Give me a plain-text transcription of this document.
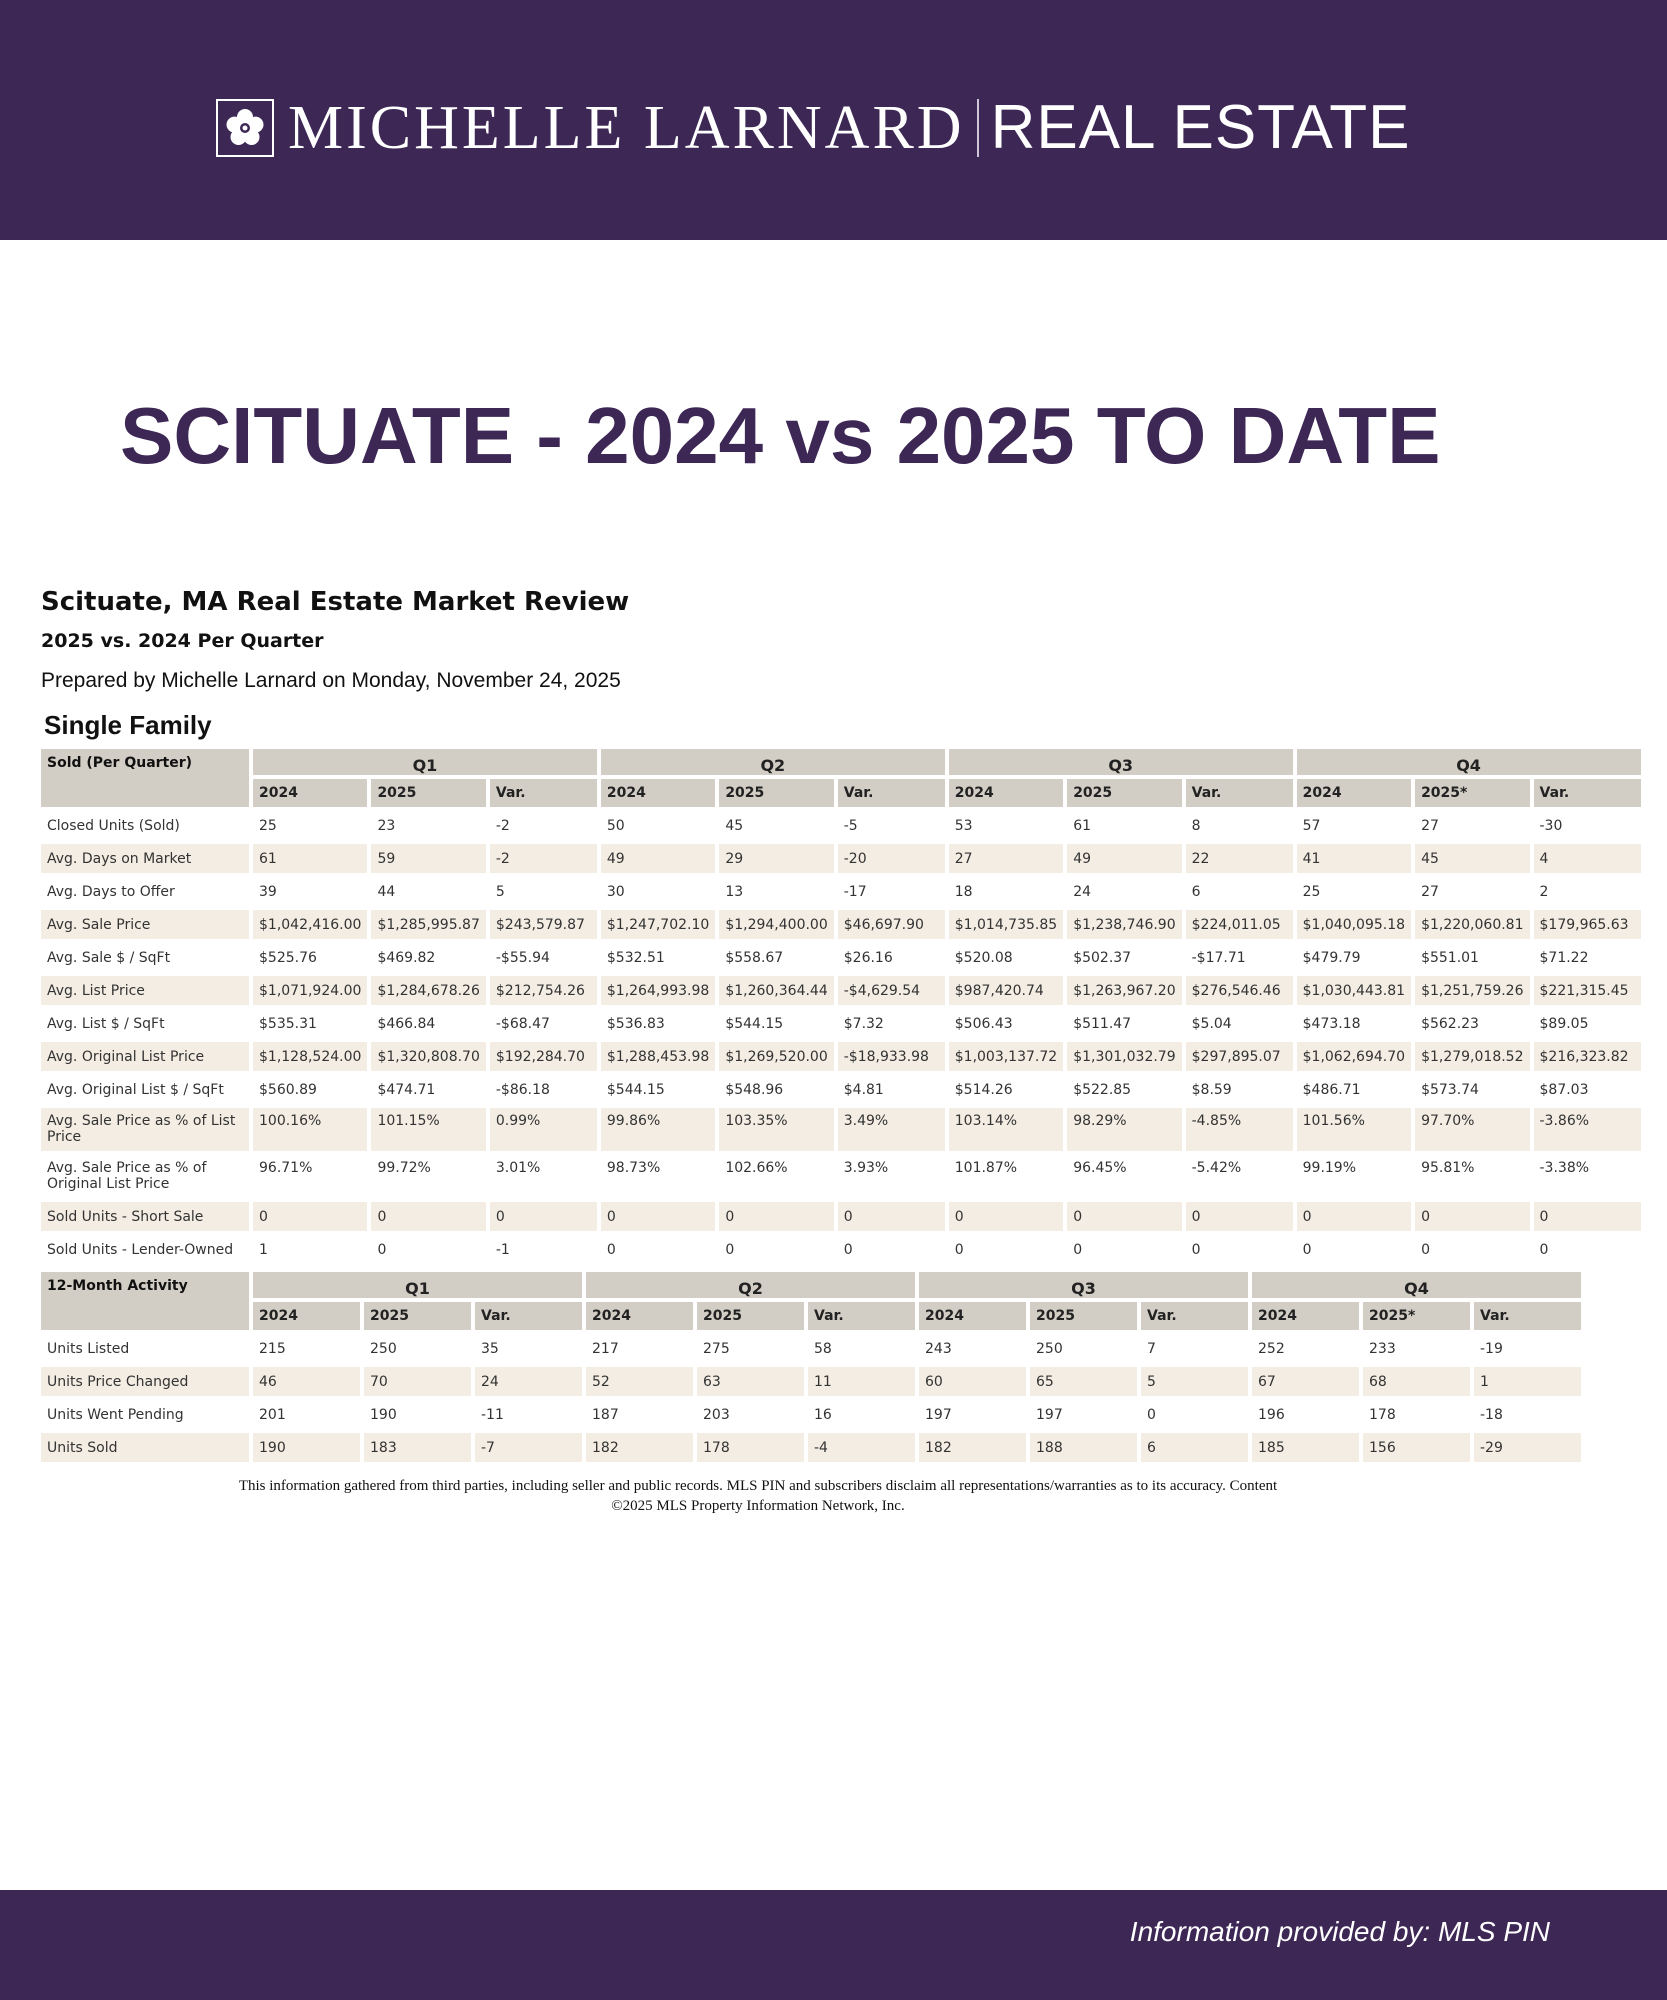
MICHELLE LARNARD REAL ESTATE
SCITUATE - 2024 vs 2025 TO DATE
Scituate, MA Real Estate Market Review
2025 vs. 2024 Per Quarter
Prepared by Michelle Larnard on Monday, November 24, 2025
Single Family
Sold (Per Quarter)	Q1			Q2			Q3			Q4		
	2024	2025	Var.	2024	2025	Var.	2024	2025	Var.	2024	2025*	Var.
Closed Units (Sold)	25	23	-2	50	45	-5	53	61	8	57	27	-30
Avg. Days on Market	61	59	-2	49	29	-20	27	49	22	41	45	4
Avg. Days to Offer	39	44	5	30	13	-17	18	24	6	25	27	2
Avg. Sale Price	$1,042,416.00	$1,285,995.87	$243,579.87	$1,247,702.10	$1,294,400.00	$46,697.90	$1,014,735.85	$1,238,746.90	$224,011.05	$1,040,095.18	$1,220,060.81	$179,965.63
Avg. Sale $ / SqFt	$525.76	$469.82	-$55.94	$532.51	$558.67	$26.16	$520.08	$502.37	-$17.71	$479.79	$551.01	$71.22
Avg. List Price	$1,071,924.00	$1,284,678.26	$212,754.26	$1,264,993.98	$1,260,364.44	-$4,629.54	$987,420.74	$1,263,967.20	$276,546.46	$1,030,443.81	$1,251,759.26	$221,315.45
Avg. List $ / SqFt	$535.31	$466.84	-$68.47	$536.83	$544.15	$7.32	$506.43	$511.47	$5.04	$473.18	$562.23	$89.05
Avg. Original List Price	$1,128,524.00	$1,320,808.70	$192,284.70	$1,288,453.98	$1,269,520.00	-$18,933.98	$1,003,137.72	$1,301,032.79	$297,895.07	$1,062,694.70	$1,279,018.52	$216,323.82
Avg. Original List $ / SqFt	$560.89	$474.71	-$86.18	$544.15	$548.96	$4.81	$514.26	$522.85	$8.59	$486.71	$573.74	$87.03
Avg. Sale Price as % of List Price	100.16%	101.15%	0.99%	99.86%	103.35%	3.49%	103.14%	98.29%	-4.85%	101.56%	97.70%	-3.86%
Avg. Sale Price as % of Original List Price	96.71%	99.72%	3.01%	98.73%	102.66%	3.93%	101.87%	96.45%	-5.42%	99.19%	95.81%	-3.38%
Sold Units - Short Sale	0	0	0	0	0	0	0	0	0	0	0	0
Sold Units - Lender-Owned	1	0	-1	0	0	0	0	0	0	0	0	0
12-Month Activity	Q1			Q2			Q3			Q4		
	2024	2025	Var.	2024	2025	Var.	2024	2025	Var.	2024	2025*	Var.
Units Listed	215	250	35	217	275	58	243	250	7	252	233	-19
Units Price Changed	46	70	24	52	63	11	60	65	5	67	68	1
Units Went Pending	201	190	-11	187	203	16	197	197	0	196	178	-18
Units Sold	190	183	-7	182	178	-4	182	188	6	185	156	-29
This information gathered from third parties, including seller and public records. MLS PIN and subscribers disclaim all representations/warranties as to its accuracy. Content ©2025 MLS Property Information Network, Inc.
Information provided by: MLS PIN
